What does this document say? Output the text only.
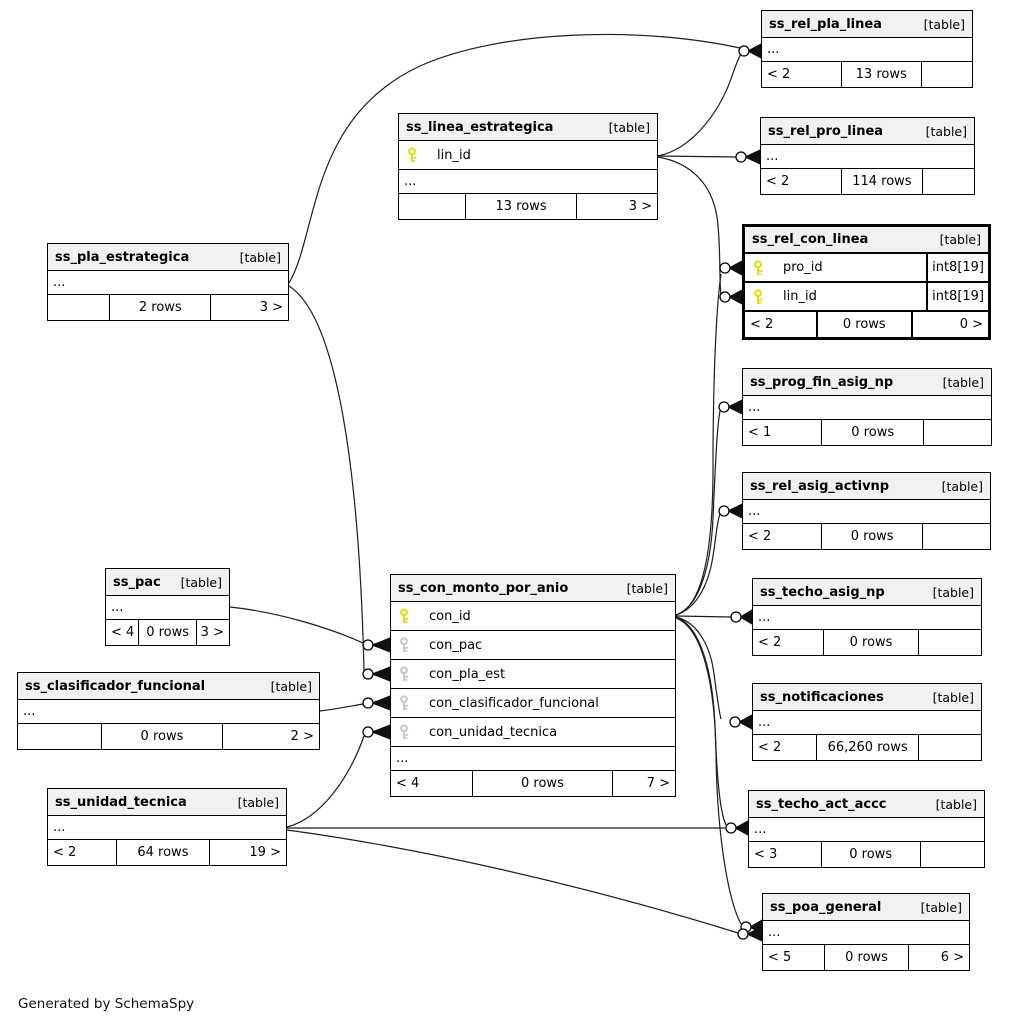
ss_rel_pla_linea	[table]
...
< 2	13 rows
ss_rel_pro_linea	[table]
...
< 2	114 rows
ss_linea_estrategica	[table]
lin_id
...
13 rows	3 >
ss_pla_estrategica	[table]
...
2 rows	3 >
ss_rel_con_linea	[table]
pro_id	int8[19]
lin_id	int8[19]
< 2	0 rows	0 >
ss_prog_fin_asig_np	[table]
...
< 1	0 rows
ss_rel_asig_activnp	[table]
...
< 2	0 rows
ss_pac [table]
...
< 4 0 rows 3 >
ss_techo_asig_np	[table]
...
< 2	0 rows
ss_con_monto_por_anio	[table]
con_id
con_pac
con_pla_est
con_clasificador_funcional
con_unidad_tecnica
...
< 4	0 rows	7 >
ss_clasificador_funcional	[table]
...
0 rows	2 >
ss_notificaciones	[table]
...
< 2	66,260 rows
ss_unidad_tecnica	[table]
...
< 2	64 rows	19 >
ss_techo_act_accc	[table]
...
< 3	0 rows
ss_poa_general	[table]
...
< 5	0 rows	6 >
Generated by SchemaSpy
